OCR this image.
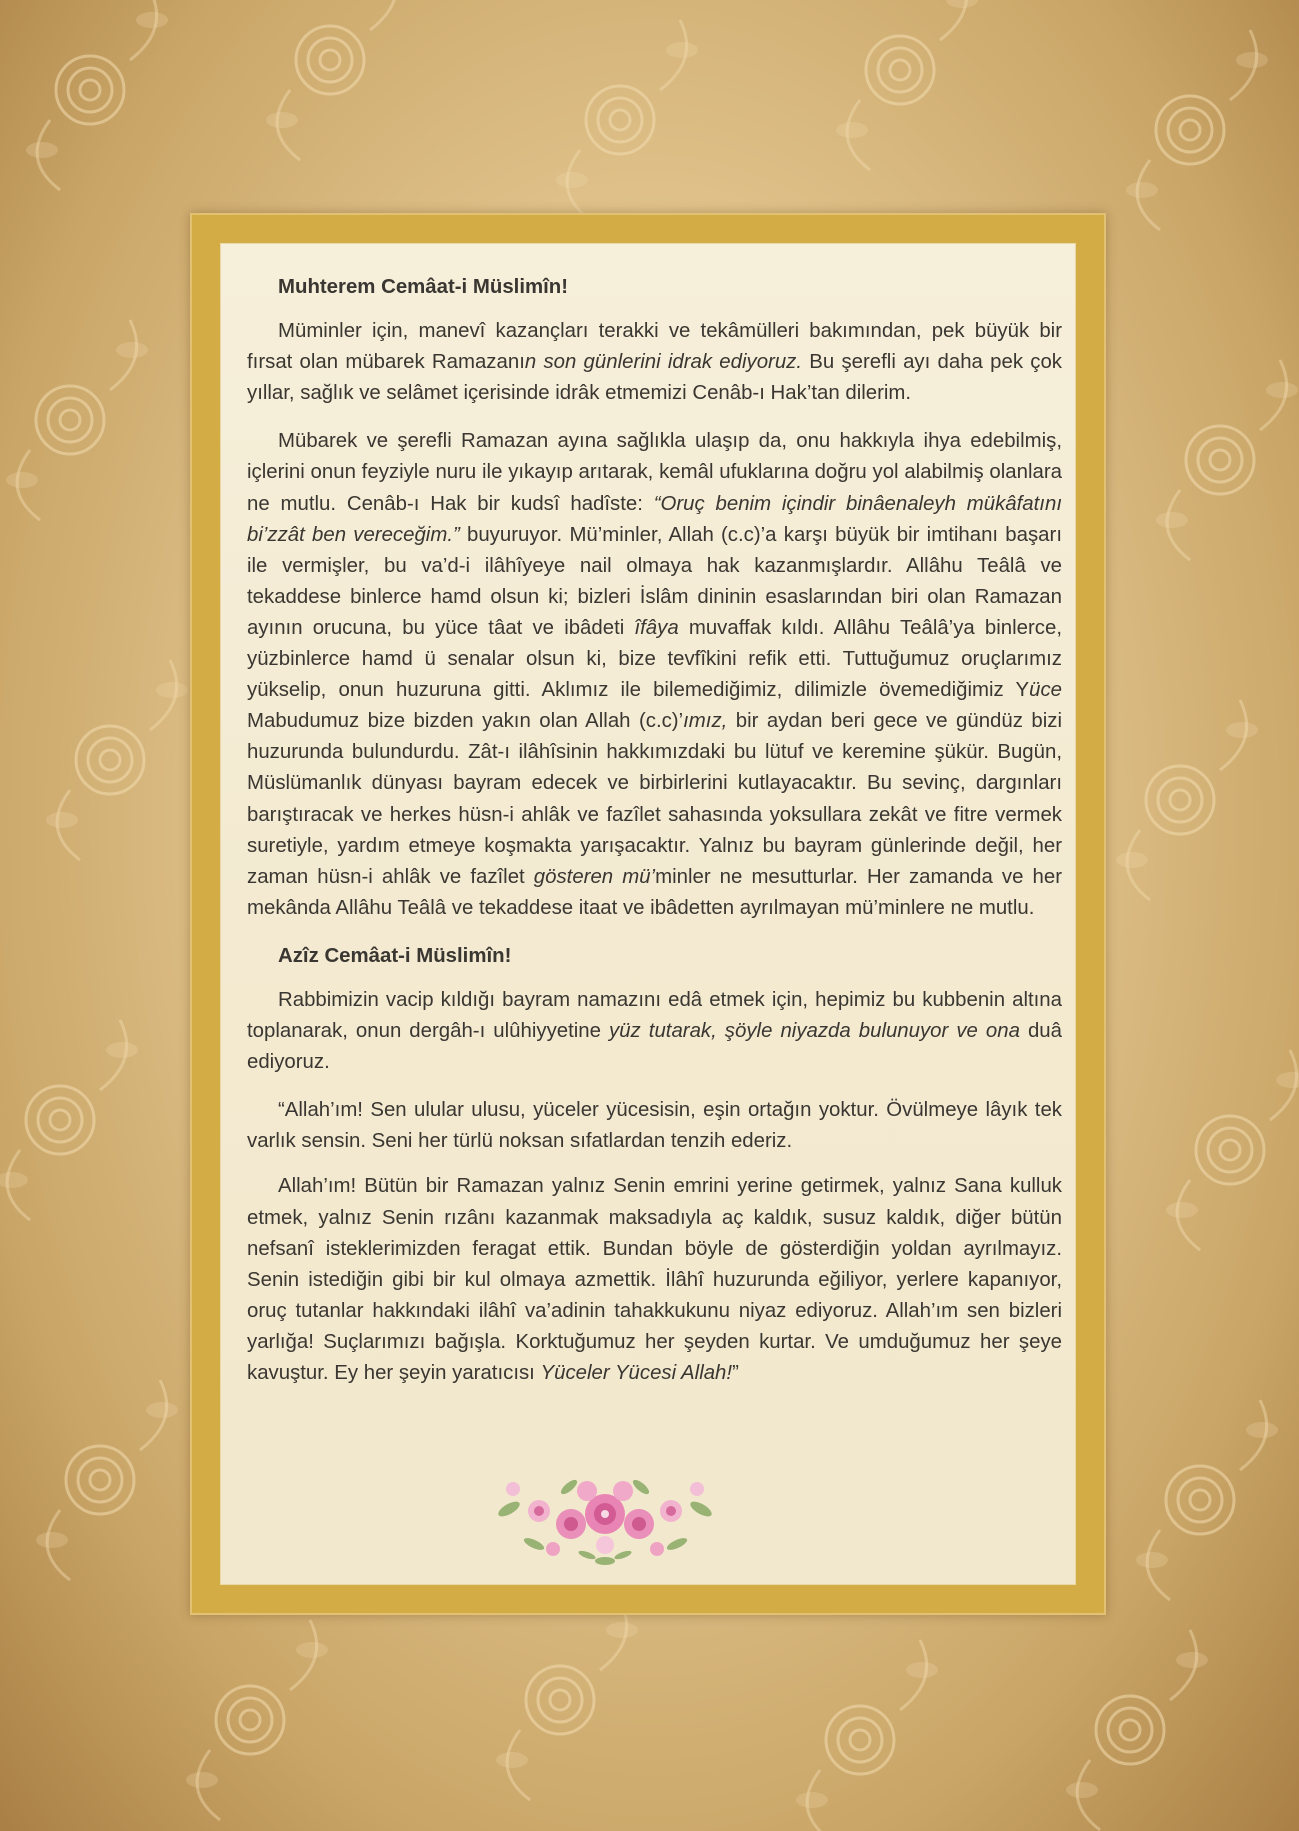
Muhterem Cemâat-i Müslimîn!

Müminler için, manevî kazançları terakki ve tekâmülleri bakımından, pek büyük bir fırsat olan mübarek Ramazanın son günlerini idrak ediyoruz. Bu şerefli ayı daha pek çok yıllar, sağlık ve selâmet içerisinde idrâk etmemizi Cenâb-ı Hak’tan dilerim.

Mübarek ve şerefli Ramazan ayına sağlıkla ulaşıp da, onu hakkıyla ihya edebilmiş, içlerini onun feyziyle nuru ile yıkayıp arıtarak, kemâl ufuklarına doğru yol alabilmiş olanlara ne mutlu. Cenâb-ı Hak bir kudsî hadîste: “Oruç benim içindir binâenaleyh mükâfatını bi’zzât ben vereceğim.” buyuruyor. Mü’minler, Allah (c.c)’a karşı büyük bir imtihanı başarı ile vermişler, bu va’d-i ilâhîyeye nail olmaya hak kazanmışlardır. Allâhu Teâlâ ve tekaddese binlerce hamd olsun ki; bizleri İslâm dininin esaslarından biri olan Ramazan ayının orucuna, bu yüce tâat ve ibâdeti îfâya muvaffak kıldı. Allâhu Teâlâ’ya binlerce, yüzbinlerce hamd ü senalar olsun ki, bize tevfîkini refik etti. Tuttuğumuz oruçlarımız yükselip, onun huzuruna gitti. Aklımız ile bilemediğimiz, dilimizle övemediğimiz Yüce Mabudumuz bize bizden yakın olan Allah (c.c)’ımız, bir aydan beri gece ve gündüz bizi huzurunda bulundurdu. Zât-ı ilâhîsinin hakkımızdaki bu lütuf ve keremine şükür. Bugün, Müslümanlık dünyası bayram edecek ve birbirlerini kutlayacaktır. Bu sevinç, dargınları barıştıracak ve herkes hüsn-i ahlâk ve fazîlet sahasında yoksullara zekât ve fitre vermek suretiyle, yardım etmeye koşmakta yarışacaktır. Yalnız bu bayram günlerinde değil, her zaman hüsn-i ahlâk ve fazîlet gösteren mü’minler ne mesutturlar. Her zamanda ve her mekânda Allâhu Teâlâ ve tekaddese itaat ve ibâdetten ayrılmayan mü’minlere ne mutlu.

Azîz Cemâat-i Müslimîn!

Rabbimizin vacip kıldığı bayram namazını edâ etmek için, hepimiz bu kubbenin altına toplanarak, onun dergâh-ı ulûhiyyetine yüz tutarak, şöyle niyazda bulunuyor ve ona duâ ediyoruz.

“Allah’ım! Sen ulular ulusu, yüceler yücesisin, eşin ortağın yoktur. Övülmeye lâyık tek varlık sensin. Seni her türlü noksan sıfatlardan tenzih ederiz.

Allah’ım! Bütün bir Ramazan yalnız Senin emrini yerine getirmek, yalnız Sana kulluk etmek, yalnız Senin rızânı kazanmak maksadıyla aç kaldık, susuz kaldık, diğer bütün nefsanî isteklerimizden feragat ettik. Bundan böyle de gösterdiğin yoldan ayrılmayız. Senin istediğin gibi bir kul olmaya azmettik. İlâhî huzurunda eğiliyor, yerlere kapanıyor, oruç tutanlar hakkındaki ilâhî va’adinin tahakkukunu niyaz ediyoruz. Allah’ım sen bizleri yarlığa! Suçlarımızı bağışla. Korktuğumuz her şeyden kurtar. Ve umduğumuz her şeye kavuştur. Ey her şeyin yaratıcısı Yüceler Yücesi Allah!”
